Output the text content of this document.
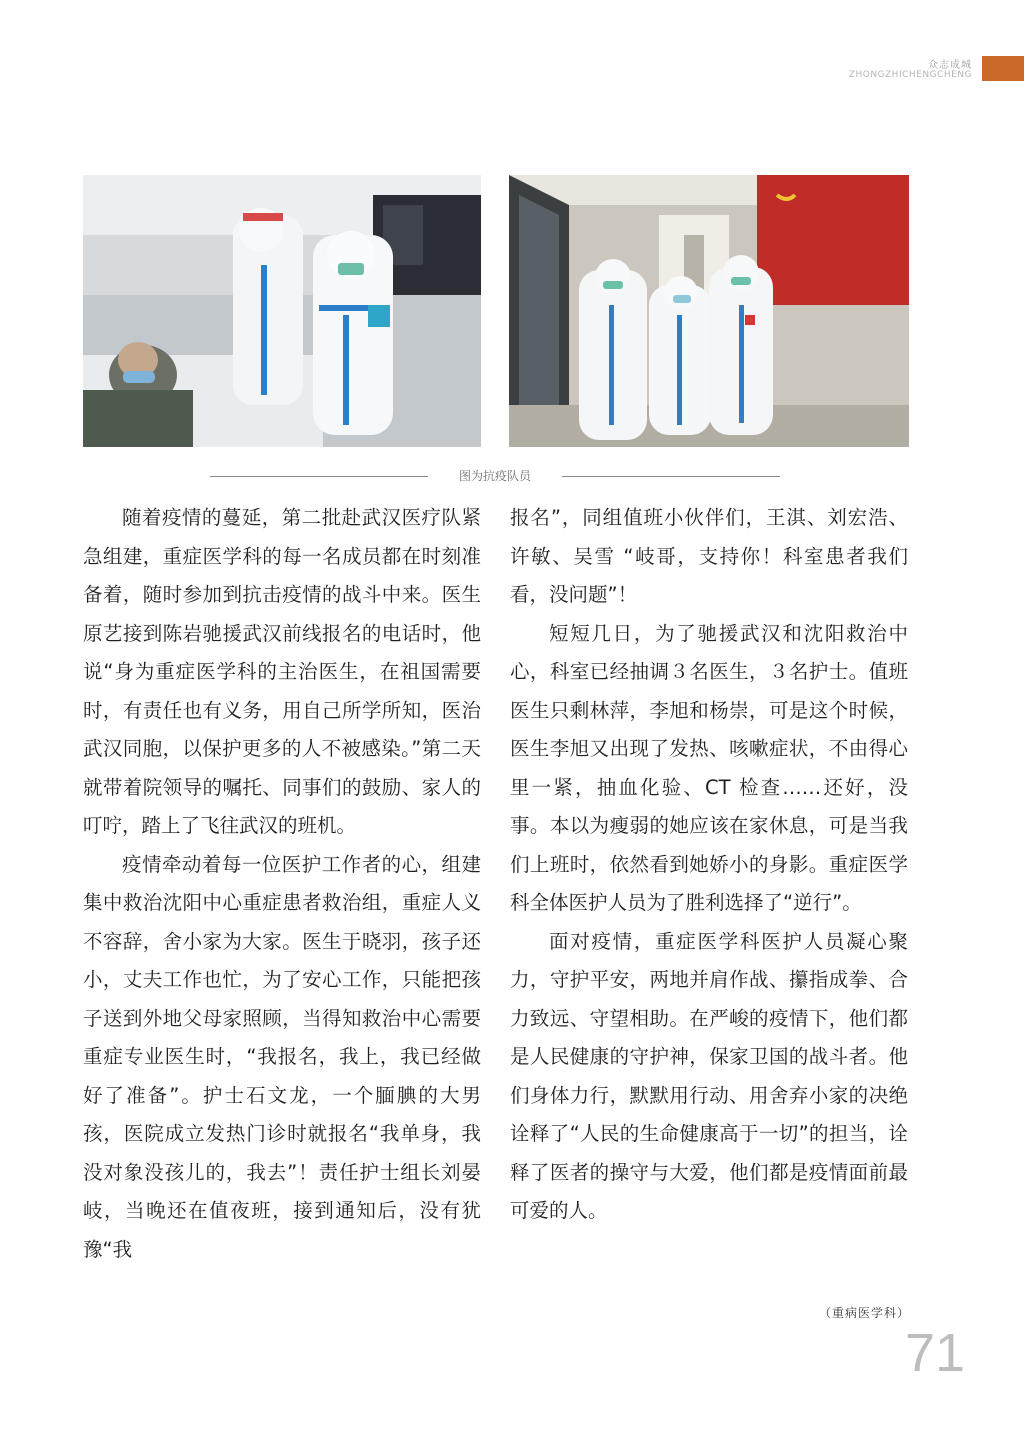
众志成城
ZHONGZHICHENGCHENG
图为抗疫队员

随着疫情的蔓延，第二批赴武汉医疗队紧急组建，重症医学科的每一名成员都在时刻准备着，随时参加到抗击疫情的战斗中来。医生原艺接到陈岩驰援武汉前线报名的电话时，他说“身为重症医学科的主治医生，在祖国需要时，有责任也有义务，用自己所学所知，医治武汉同胞，以保护更多的人不被感染。”第二天就带着院领导的嘱托、同事们的鼓励、家人的叮咛，踏上了飞往武汉的班机。

疫情牵动着每一位医护工作者的心，组建集中救治沈阳中心重症患者救治组，重症人义不容辞，舍小家为大家。医生于晓羽，孩子还小，丈夫工作也忙，为了安心工作，只能把孩子送到外地父母家照顾，当得知救治中心需要重症专业医生时，“我报名，我上，我已经做好了准备”。护士石文龙，一个腼腆的大男孩，医院成立发热门诊时就报名“我单身，我没对象没孩儿的，我去”！责任护士组长刘晏岐，当晚还在值夜班，接到通知后，没有犹豫“我

报名”，同组值班小伙伴们，王淇、刘宏浩、许敏、吴雪 “岐哥，支持你！科室患者我们看，没问题”！

短短几日，为了驰援武汉和沈阳救治中心，科室已经抽调３名医生，３名护士。值班医生只剩林萍，李旭和杨崇，可是这个时候，医生李旭又出现了发热、咳嗽症状，不由得心里一紧，抽血化验、CT 检查……还好，没事。本以为瘦弱的她应该在家休息，可是当我们上班时，依然看到她娇小的身影。重症医学科全体医护人员为了胜利选择了“逆行”。

面对疫情，重症医学科医护人员凝心聚力，守护平安，两地并肩作战、攥指成拳、合力致远、守望相助。在严峻的疫情下，他们都是人民健康的守护神，保家卫国的战斗者。他们身体力行，默默用行动、用舍弃小家的决绝诠释了“人民的生命健康高于一切”的担当，诠释了医者的操守与大爱，他们都是疫情面前最可爱的人。

（重病医学科）
71
